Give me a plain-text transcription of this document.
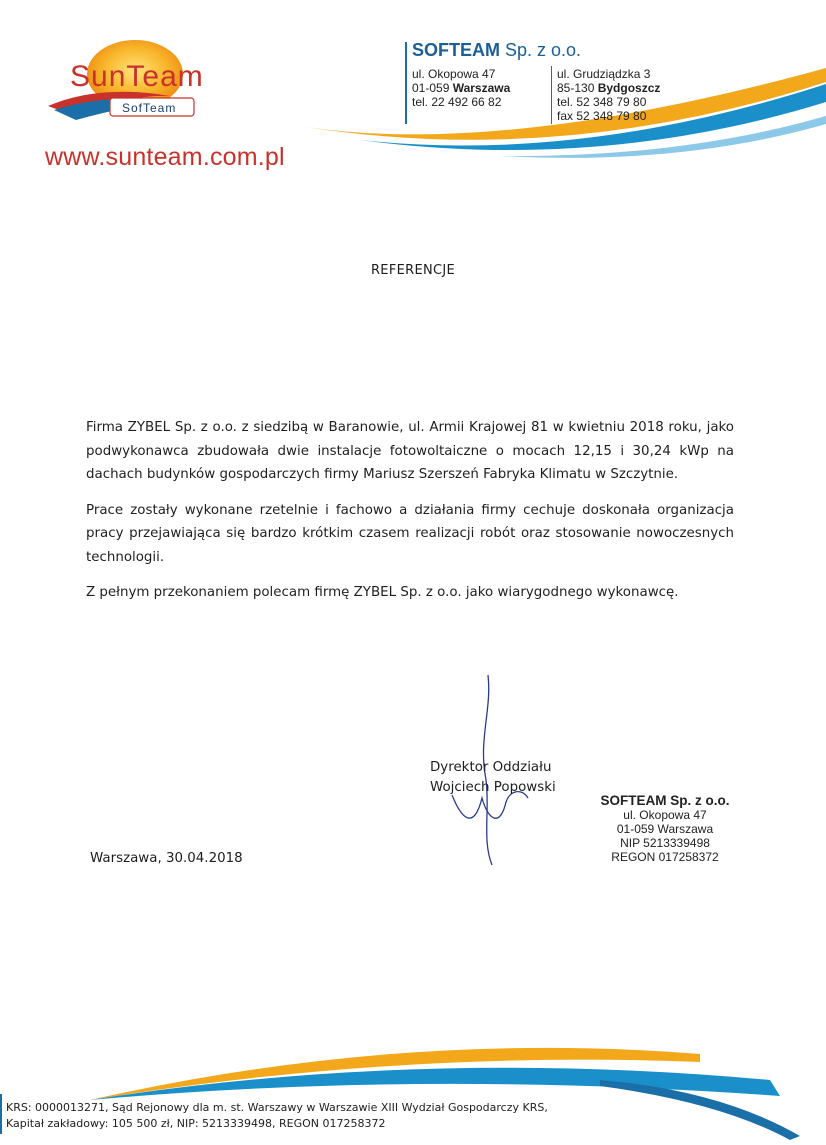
SunTeam
SofTeam
www.sunteam.com.pl
SOFTEAM Sp. z o.o.
ul. Okopowa 47
01-059 Warszawa
tel. 22 492 66 82
ul. Grudziądzka 3
85-130 Bydgoszcz
tel. 52 348 79 80
fax 52 348 79 80
REFERENCJE

Firma ZYBEL Sp. z o.o. z siedzibą w Baranowie, ul. Armii Krajowej 81 w kwietniu 2018 roku, jako podwykonawca zbudowała dwie instalacje fotowoltaiczne o mocach 12,15 i 30,24 kWp na dachach budynków gospodarczych firmy Mariusz Szerszeń Fabryka Klimatu w Szczytnie.

Prace zostały wykonane rzetelnie i fachowo a działania firmy cechuje doskonała organizacja pracy przejawiająca się bardzo krótkim czasem realizacji robót oraz stosowanie nowoczesnych technologii.

Z pełnym przekonaniem polecam firmę ZYBEL Sp. z o.o. jako wiarygodnego wykonawcę.

Dyrektor Oddziału
Wojciech Popowski
SOFTEAM Sp. z o.o.
ul. Okopowa 47
01-059 Warszawa
NIP 5213339498
REGON 017258372
Warszawa, 30.04.2018
KRS: 0000013271, Sąd Rejonowy dla m. st. Warszawy w Warszawie XIII Wydział Gospodarczy KRS,
Kapitał zakładowy: 105 500 zł, NIP: 5213339498, REGON 017258372
